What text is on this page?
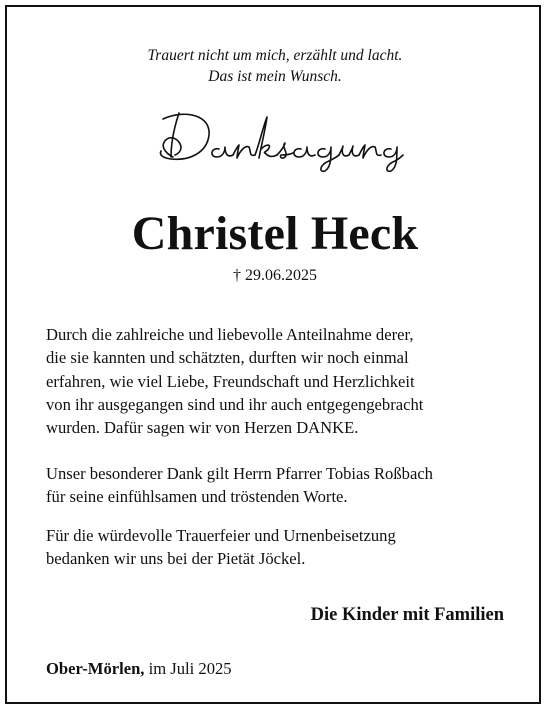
Trauert nicht um mich, erzählt und lacht.
Das ist mein Wunsch.
Christel Heck
† 29.06.2025
Durch die zahlreiche und liebevolle Anteilnahme derer,
die sie kannten und schätzten, durften wir noch einmal
erfahren, wie viel Liebe, Freundschaft und Herzlichkeit
von ihr ausgegangen sind und ihr auch entgegengebracht
wurden. Dafür sagen wir von Herzen DANKE.
Unser besonderer Dank gilt Herrn Pfarrer Tobias Roßbach
für seine einfühlsamen und tröstenden Worte.
Für die würdevolle Trauerfeier und Urnenbeisetzung
bedanken wir uns bei der Pietät Jöckel.
Die Kinder mit Familien
Ober-Mörlen, im Juli 2025
